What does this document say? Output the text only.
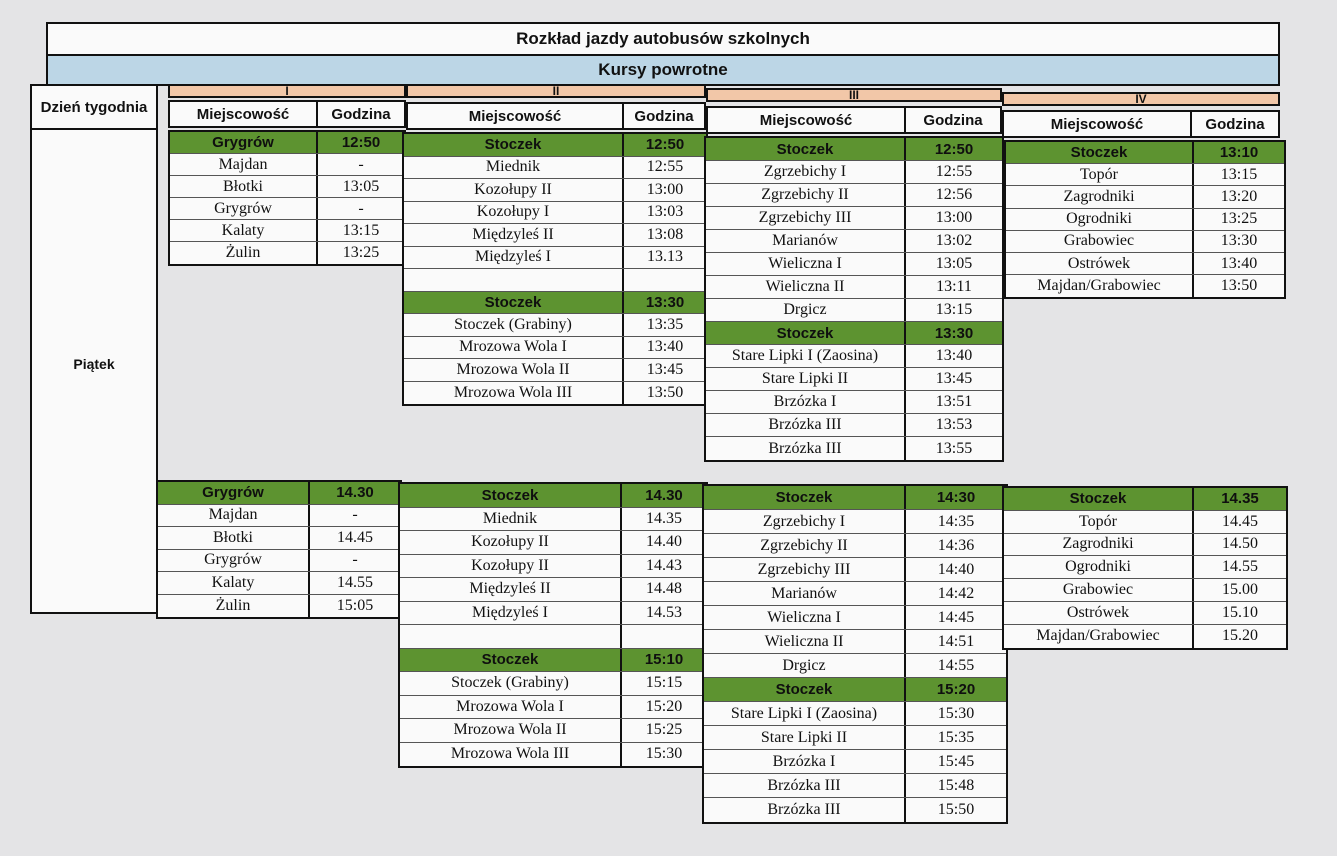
Rozkład jazdy autobusów szkolnych
Kursy powrotne
Dzień tygodnia
Piątek
I	II	III	IV
Miejscowość	Godzina	Miejscowość	Godzina	Miejscowość	Godzina	Miejscowość	Godzina
Grygrów	12:50
Majdan	-
Błotki	13:05
Grygrów	-
Kalaty	13:15
Żulin	13:25
Grygrów	14.30
Majdan	-
Błotki	14.45
Grygrów	-
Kalaty	14.55
Żulin	15:05
Stoczek	12:50
Miednik	12:55
Kozołupy II	13:00
Kozołupy I	13:03
Międzyleś II	13:08
Międzyleś I	13.13
Stoczek	13:30
Stoczek (Grabiny)	13:35
Mrozowa Wola I	13:40
Mrozowa Wola II	13:45
Mrozowa Wola III	13:50
Stoczek	14.30
Miednik	14.35
Kozołupy II	14.40
Kozołupy II	14.43
Międzyleś II	14.48
Międzyleś I	14.53
Stoczek	15:10
Stoczek (Grabiny)	15:15
Mrozowa Wola I	15:20
Mrozowa Wola II	15:25
Mrozowa Wola III	15:30
Stoczek	12:50
Zgrzebichy I	12:55
Zgrzebichy II	12:56
Zgrzebichy III	13:00
Marianów	13:02
Wieliczna I	13:05
Wieliczna II	13:11
Drgicz	13:15
Stoczek	13:30
Stare Lipki I (Zaosina)	13:40
Stare Lipki II	13:45
Brzózka I	13:51
Brzózka III	13:53
Brzózka III	13:55
Stoczek	14:30
Zgrzebichy I	14:35
Zgrzebichy II	14:36
Zgrzebichy III	14:40
Marianów	14:42
Wieliczna I	14:45
Wieliczna II	14:51
Drgicz	14:55
Stoczek	15:20
Stare Lipki I (Zaosina)	15:30
Stare Lipki II	15:35
Brzózka I	15:45
Brzózka III	15:48
Brzózka III	15:50
Stoczek	13:10
Topór	13:15
Zagrodniki	13:20
Ogrodniki	13:25
Grabowiec	13:30
Ostrówek	13:40
Majdan/Grabowiec	13:50
Stoczek	14.35
Topór	14.45
Zagrodniki	14.50
Ogrodniki	14.55
Grabowiec	15.00
Ostrówek	15.10
Majdan/Grabowiec	15.20
